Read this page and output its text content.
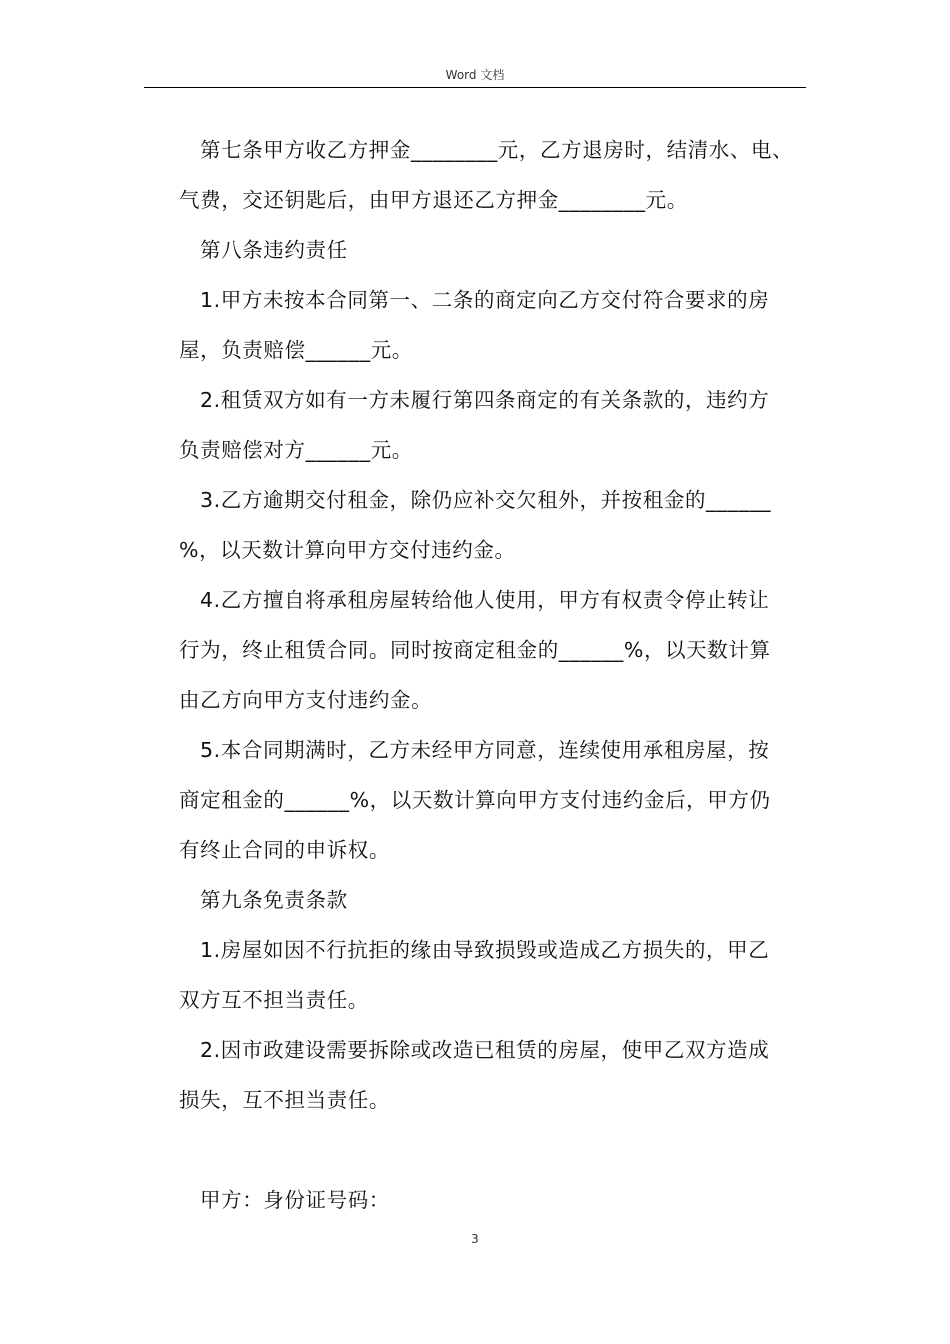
Word 文档
第七条甲方收乙方押金________元，乙方退房时，结清水、电、
气费，交还钥匙后，由甲方退还乙方押金________元。
第八条违约责任
1.甲方未按本合同第一、二条的商定向乙方交付符合要求的房
屋，负责赔偿______元。
2.租赁双方如有一方未履行第四条商定的有关条款的，违约方
负责赔偿对方______元。
3.乙方逾期交付租金，除仍应补交欠租外，并按租金的______
%，以天数计算向甲方交付违约金。
4.乙方擅自将承租房屋转给他人使用，甲方有权责令停止转让
行为，终止租赁合同。同时按商定租金的______%，以天数计算
由乙方向甲方支付违约金。
5.本合同期满时，乙方未经甲方同意，连续使用承租房屋，按
商定租金的______%，以天数计算向甲方支付违约金后，甲方仍
有终止合同的申诉权。
第九条免责条款
1.房屋如因不行抗拒的缘由导致损毁或造成乙方损失的，甲乙
双方互不担当责任。
2.因市政建设需要拆除或改造已租赁的房屋，使甲乙双方造成
损失，互不担当责任。
甲方：身份证号码：
3
